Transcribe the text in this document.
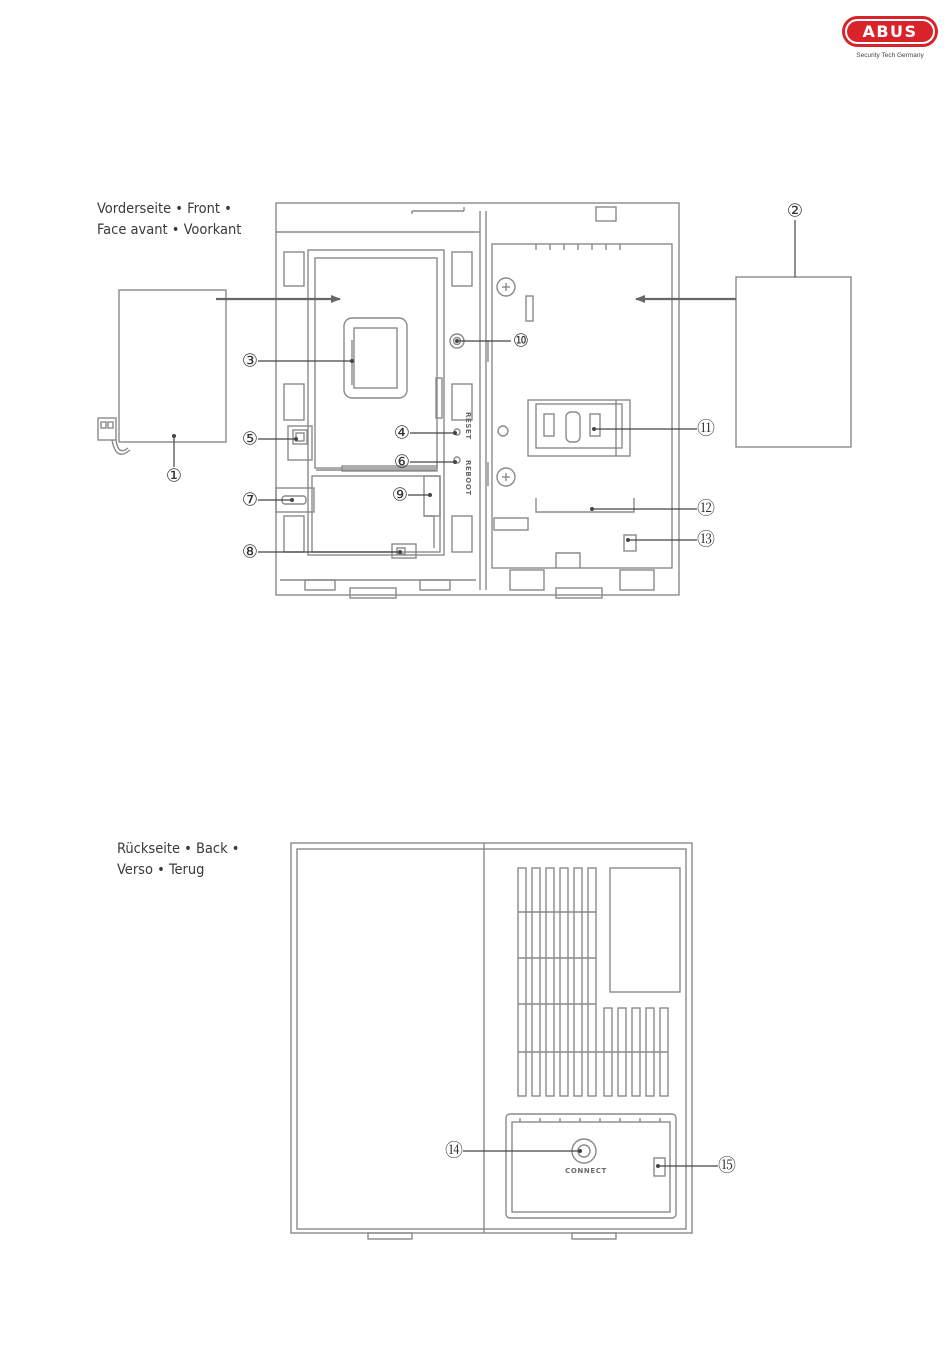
ABUS
Security Tech Germany
Vorderseite • Front •
Face avant • Voorkant
Rückseite • Back •
Verso • Terug
RESET
REBOOT
①
②
③
④
⑤
⑥
⑦
⑧
⑨
⑩
⑪
⑫
⑬
CONNECT
⑭
⑮
